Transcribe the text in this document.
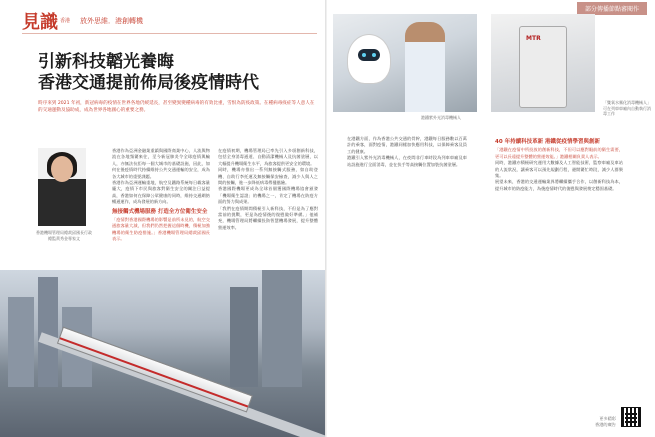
見識 香港	放外思維．港創轉機
引新科技韜光養晦
香港交通提前佈局後疫情時代
時序來到 2021 年初，新冠病毒的疫情在世界各地仍緩延長，甚至變異變種病毒的有效比重，雪恨為防疫政策。在種病毒疫症等人意人在的交通運動及協助成，成為世界各地國心的重要之務。
香港機場管理局總裁邱國長行政總監黃秀金專家文
香港作為亞洲金融業重鎮與國際商業中心，人流與物流在各地頻繁來往，至今新冠肺炎令全球疫情與輸人，亦無法抗拒每一個大城市的基礎設施，因此，如何在後疫情時代持續維持公共交通運輸的安全，成為各大城市的重要課題。
香港作為亞洲運輸重地，航空及鐵路系統每日載客量龐大，疫情下市民與旅客對衛生安全的關注日益提高，香港如何在保障公眾健康的同時，維持交通網絡暢通運作，成為發展的新方向。
無接觸式機場服務 打造全方位衛生安全
「疫情對香港國際機場的影響是前所未見的，航空交通旅客量大減，但我們仍然把握這個時機，積極加強機場的衛生防疫措施。」香港機場管理局總裁邱國長表示。
在疫情初期，機場管理局已率先引入多項創新科技，包括全身消毒通道、自動清潔機械人及抗菌塗層，以大幅提升機場衛生水平，為旅客提供更安全的環境。
同時，機場亦推出一系列無接觸式服務，如自助登機、自助行李托運及無接觸保安檢查，減少人與人之間的接觸，進一步降低病毒傳播風險。
香港國際機場更成為全球首個獲國際機場協會頒發「機場衛生認證」的機場之一，肯定了機場在防疫方面的努力與成果。
「我們在疫情期間積極引入新科技，不但是為了應對當前的挑戰，更是為疫情後的復甦做好準備。」他補充，機場管理局將繼續投資智慧機場發展，提升整體營運效率。
部分傳播節點審閱作
港鐵紫外光消毒機械人
MTR
「雙氧水霧化消毒機械人」可在列車車廂內自動執行消毒工作
在港鐵方面，作為香港公共交通的骨幹，港鐵每日服務數以百萬計的乘客，面對疫情，港鐵同樣加快應用科技，以保障乘客及員工的健康。
港鐵引入紫外光消毒機械人，在夜間非行車時段為列車車廂及車站設施進行全面消毒，並在扶手等高接觸位置加裝抗菌塗層。
40 年持續科技革新 港鐵從疫情學習與創新
「港鐵在疫情中所投放的創新科技，不但可以應對眼前的衛生需要，更可以長遠提升整體的營運效能。」港鐵相關負責人表示。
同時，港鐵亦積極研究運用大數據及人工智能技術，監察車廂及車站的人流狀況，讓乘客可以預先規劃行程，避開繁忙時段，減少人群聚集。
展望未來，香港的交通運輸業界將繼續攜手合作，以創新科技為本，提升城市的防疫能力，為後疫情時代的復甦與發展奠定穩固基礎。
更多精彩
香港的廣告
